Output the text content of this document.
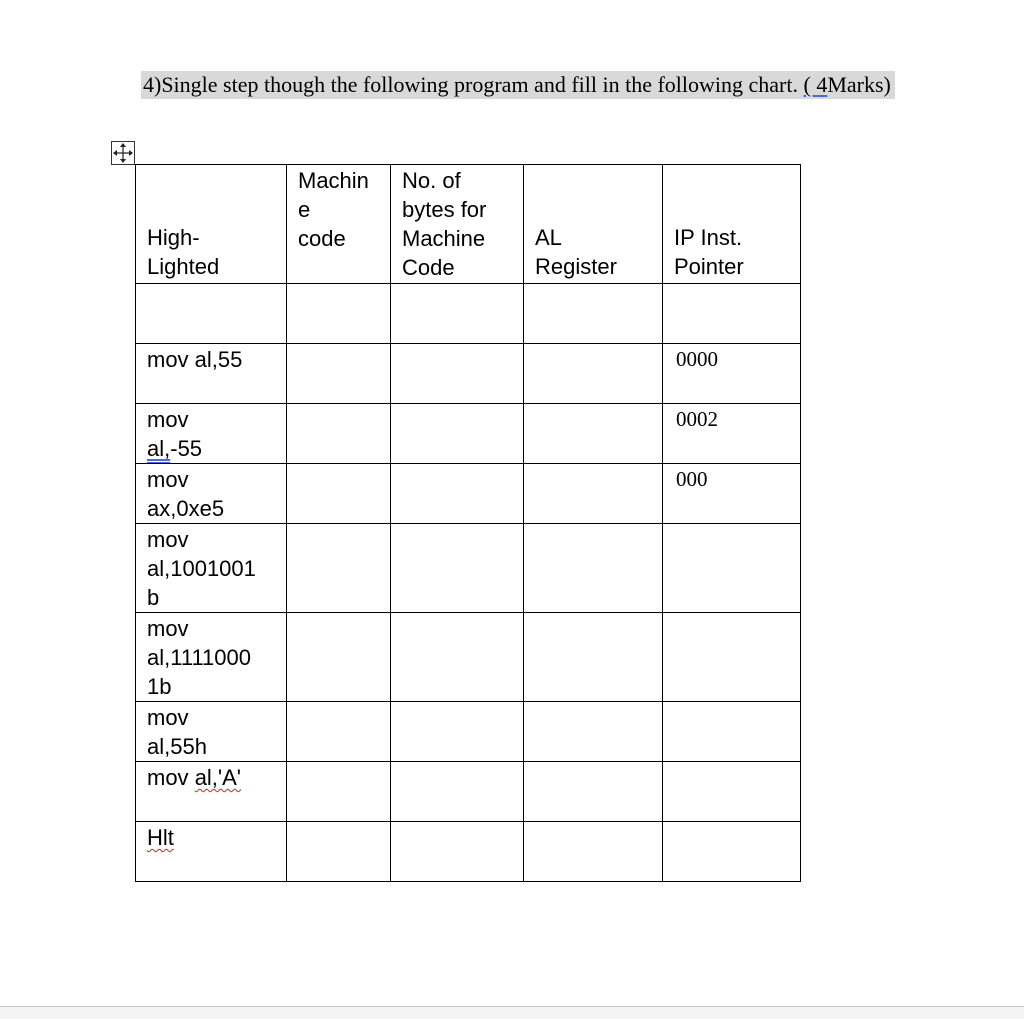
4)Single step though the following program and fill in the following chart. ( 4Marks)
High-
Lighted	Machin
e
code	No. of
bytes for
Machine
Code	AL
Register	IP Inst.
Pointer

mov al,55				0000

mov
al,-55				0002

mov
ax,0xe5				000

mov
al,1001001
b				

mov
al,1111000
1b				

mov
al,55h				

mov al,'A'				

Hlt				
